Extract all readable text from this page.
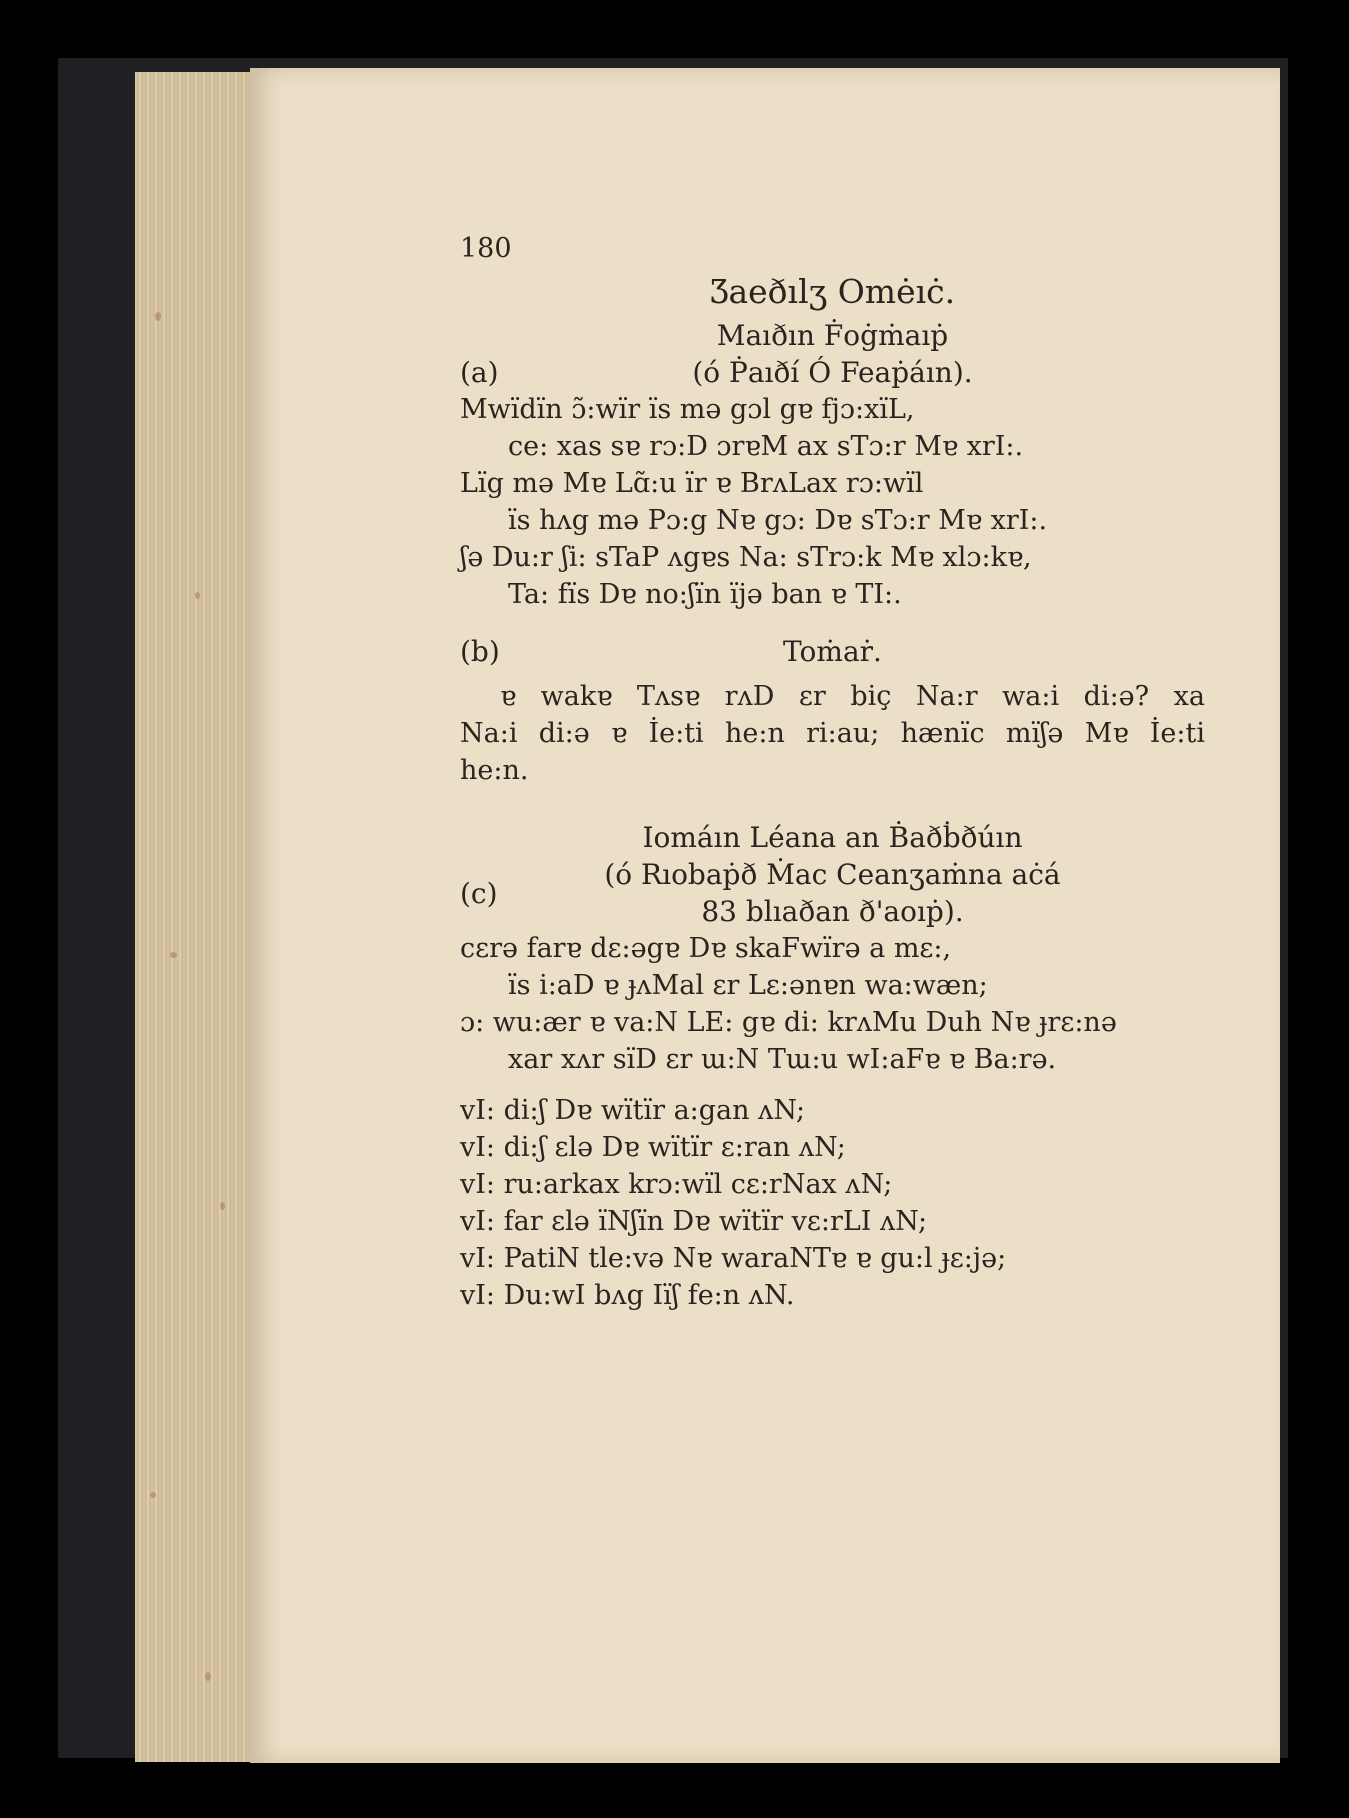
180
Ʒaeðılʒ Omėıċ.
Maıðın Ḟoġṁaıṗ
(a)	(ó Ṗaıðí Ó Feaṗáın).
Mwïdïn ɔ̃:wïr ïs mə gɔl gɐ fjɔ:xïL,
ce: xas sɐ rɔ:D ɔrɐM ax sTɔ:r Mɐ xrI:.
Lïg mə Mɐ Lɑ̃:u ïr ɐ BrʌLax rɔ:wïl
ïs hʌg mə Pɔ:g Nɐ gɔ: Dɐ sTɔ:r Mɐ xrI:.
ʃə Du:r ʃi: sTaP ʌgɐs Na: sTrɔ:k Mɐ xlɔ:kɐ,
Ta: fïs Dɐ no:ʃïn ïjə ban ɐ TI:.
(b)	Toṁaṙ.
ɐ wakɐ Tʌsɐ rʌD ɛr biç Na:r wa:i di:ə? xa
Na:i di:ə ɐ İe:ti he:n ri:au; hænïc mïʃə Mɐ İe:ti
he:n.
Iomáın Léana an Ḃaðḃðúın
(ó Rıobaṗð Ṁac Ceanʒaṁna aċá
(c)
83 blıaðan ð'aoıṗ).
cɛrə farɐ dɛ:əgɐ Dɐ skaFwïrə a mɛ:,
ïs i:aD ɐ ɟʌMal ɛr Lɛ:ənɐn wa:wæn;
ɔ: wu:ær ɐ va:N LE: gɐ di: krʌMu Duh Nɐ ɟrɛ:nə
xar xʌr sïD ɛr ɯ:N Tɯ:u wI:aFɐ ɐ Ba:rə.
vI: di:ʃ Dɐ wïtïr a:gan ʌN;
vI: di:ʃ ɛlə Dɐ wïtïr ɛ:ran ʌN;
vI: ru:arkax krɔ:wïl cɛ:rNax ʌN;
vI: far ɛlə ïNʃïn Dɐ wïtïr vɛ:rLI ʌN;
vI: PatiN tle:və Nɐ waraNTɐ ɐ gu:l ɟɛ:jə;
vI: Du:wI bʌg Iïʃ fe:n ʌN.
